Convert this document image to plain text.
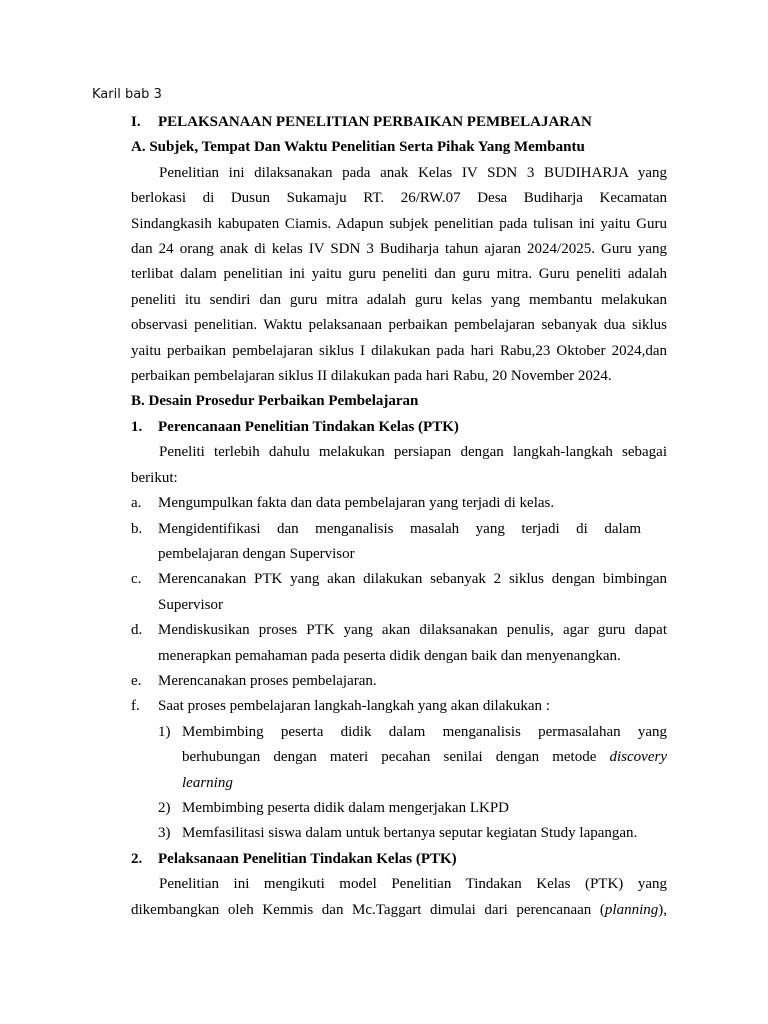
Karil bab 3
I. PELAKSANAAN PENELITIAN PERBAIKAN PEMBELAJARAN
A. Subjek, Tempat Dan Waktu Penelitian Serta Pihak Yang Membantu
Penelitian ini dilaksanakan pada anak Kelas IV SDN 3 BUDIHARJA yang
berlokasi di Dusun Sukamaju RT. 26/RW.07 Desa Budiharja Kecamatan
Sindangkasih kabupaten Ciamis. Adapun subjek penelitian pada tulisan ini yaitu Guru
dan 24 orang anak di kelas IV SDN 3 Budiharja tahun ajaran 2024/2025. Guru yang
terlibat dalam penelitian ini yaitu guru peneliti dan guru mitra. Guru peneliti adalah
peneliti itu sendiri dan guru mitra adalah guru kelas yang membantu melakukan
observasi penelitian. Waktu pelaksanaan perbaikan pembelajaran sebanyak dua siklus
yaitu perbaikan pembelajaran siklus I dilakukan pada hari Rabu,23 Oktober 2024,dan
perbaikan pembelajaran siklus II dilakukan pada hari Rabu, 20 November 2024.
B. Desain Prosedur Perbaikan Pembelajaran
1. Perencanaan Penelitian Tindakan Kelas (PTK)
Peneliti terlebih dahulu melakukan persiapan dengan langkah-langkah sebagai
berikut:
a. Mengumpulkan fakta dan data pembelajaran yang terjadi di kelas.
b. Mengidentifikasi dan menganalisis masalah yang terjadi di dalam
pembelajaran dengan Supervisor
c. Merencanakan PTK yang akan dilakukan sebanyak 2 siklus dengan bimbingan
Supervisor
d. Mendiskusikan proses PTK yang akan dilaksanakan penulis, agar guru dapat
menerapkan pemahaman pada peserta didik dengan baik dan menyenangkan.
e. Merencanakan proses pembelajaran.
f. Saat proses pembelajaran langkah-langkah yang akan dilakukan :
1) Membimbing peserta didik dalam menganalisis permasalahan yang
berhubungan dengan materi pecahan senilai dengan metode discovery
learning
2) Membimbing peserta didik dalam mengerjakan LKPD
3) Memfasilitasi siswa dalam untuk bertanya seputar kegiatan Study lapangan.
2. Pelaksanaan Penelitian Tindakan Kelas (PTK)
Penelitian ini mengikuti model Penelitian Tindakan Kelas (PTK) yang
dikembangkan oleh Kemmis dan Mc.Taggart dimulai dari perencanaan (planning),
